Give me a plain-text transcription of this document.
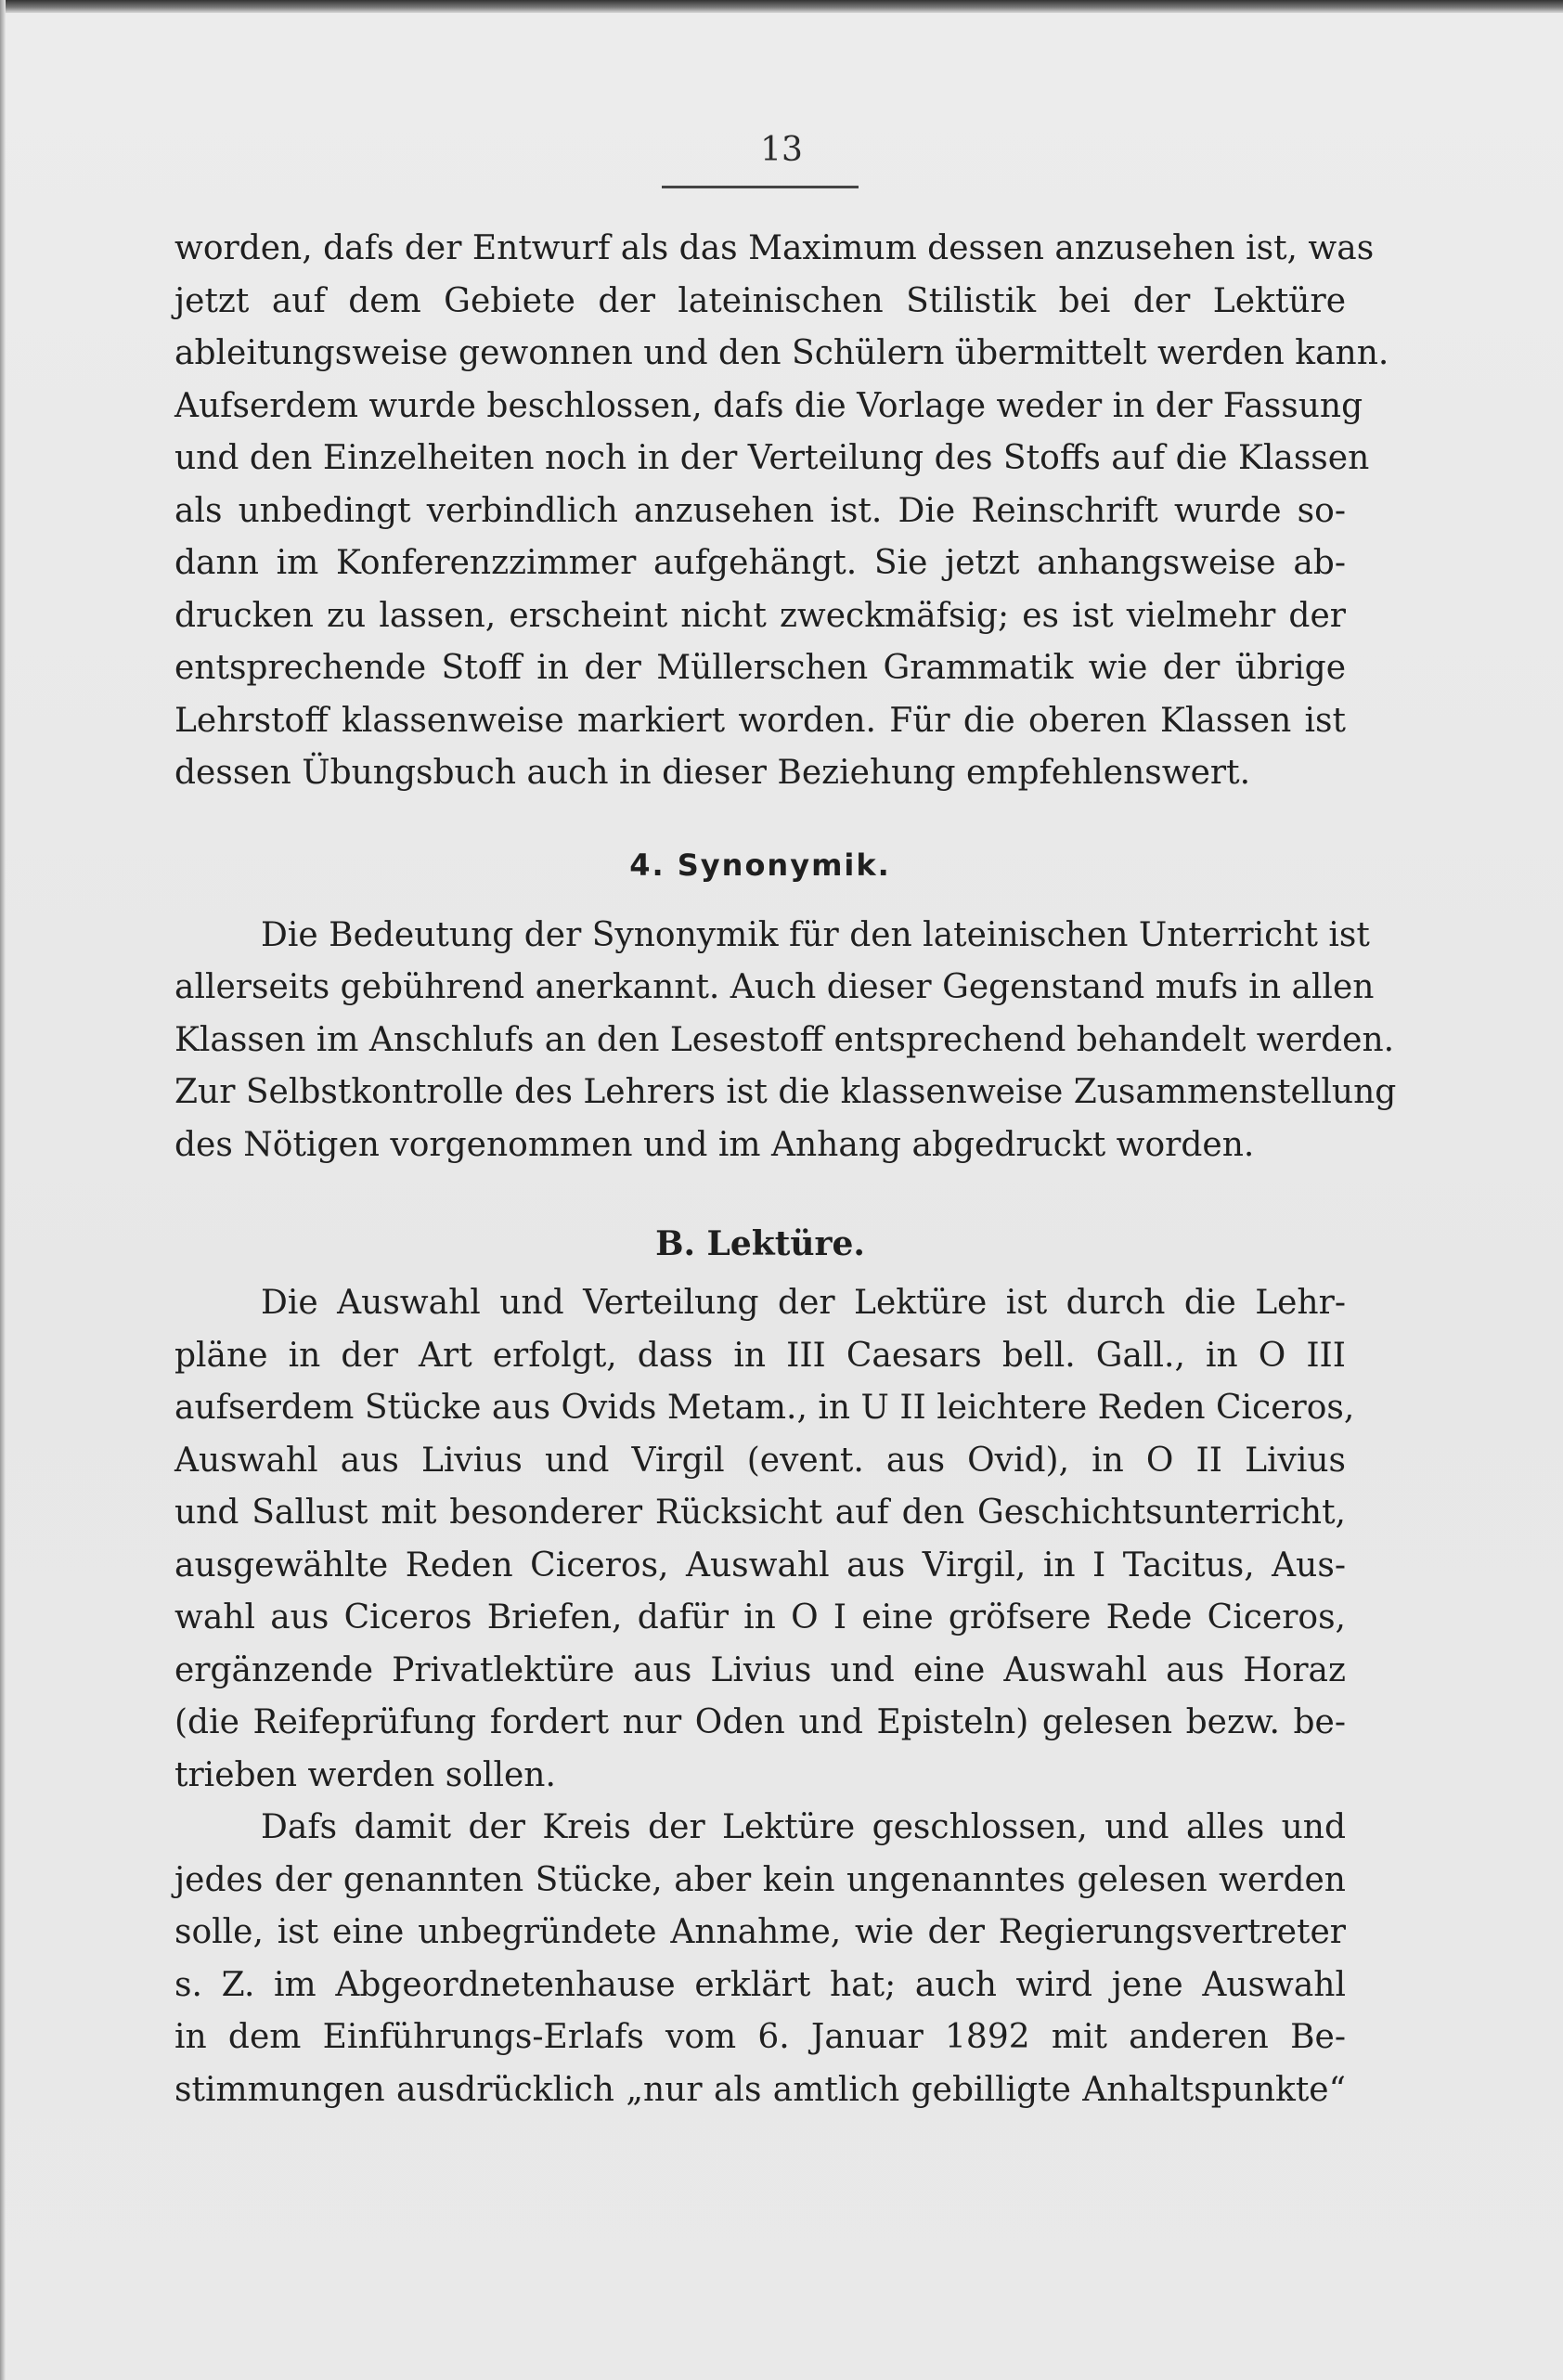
13

worden, dafs der Entwurf als das Maximum dessen anzusehen ist, was
jetzt auf dem Gebiete der lateinischen Stilistik bei der Lektüre
ableitungsweise gewonnen und den Schülern übermittelt werden kann.
Aufserdem wurde beschlossen, dafs die Vorlage weder in der Fassung
und den Einzelheiten noch in der Verteilung des Stoffs auf die Klassen
als unbedingt verbindlich anzusehen ist. Die Reinschrift wurde so-
dann im Konferenzzimmer aufgehängt. Sie jetzt anhangsweise ab-
drucken zu lassen, erscheint nicht zweckmäfsig; es ist vielmehr der
entsprechende Stoff in der Müllerschen Grammatik wie der übrige
Lehrstoff klassenweise markiert worden. Für die oberen Klassen ist
dessen Übungsbuch auch in dieser Beziehung empfehlenswert.

4. Synonymik.

Die Bedeutung der Synonymik für den lateinischen Unterricht ist
allerseits gebührend anerkannt. Auch dieser Gegenstand mufs in allen
Klassen im Anschlufs an den Lesestoff entsprechend behandelt werden.
Zur Selbstkontrolle des Lehrers ist die klassenweise Zusammenstellung
des Nötigen vorgenommen und im Anhang abgedruckt worden.

B. Lektüre.

Die Auswahl und Verteilung der Lektüre ist durch die Lehr-
pläne in der Art erfolgt, dass in III Caesars bell. Gall., in O III
aufserdem Stücke aus Ovids Metam., in U II leichtere Reden Ciceros,
Auswahl aus Livius und Virgil (event. aus Ovid), in O II Livius
und Sallust mit besonderer Rücksicht auf den Geschichtsunterricht,
ausgewählte Reden Ciceros, Auswahl aus Virgil, in I Tacitus, Aus-
wahl aus Ciceros Briefen, dafür in O I eine gröfsere Rede Ciceros,
ergänzende Privatlektüre aus Livius und eine Auswahl aus Horaz
(die Reifeprüfung fordert nur Oden und Episteln) gelesen bezw. be-
trieben werden sollen.

Dafs damit der Kreis der Lektüre geschlossen, und alles und
jedes der genannten Stücke, aber kein ungenanntes gelesen werden
solle, ist eine unbegründete Annahme, wie der Regierungsvertreter
s. Z. im Abgeordnetenhause erklärt hat; auch wird jene Auswahl
in dem Einführungs-Erlafs vom 6. Januar 1892 mit anderen Be-
stimmungen ausdrücklich „nur als amtlich gebilligte Anhaltspunkte“
